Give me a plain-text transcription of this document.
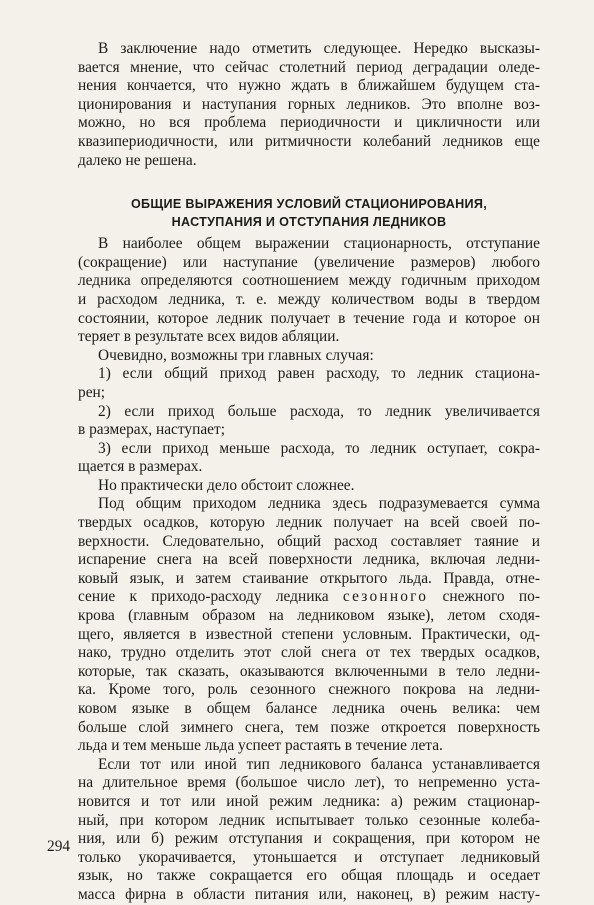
В заключение надо отметить следующее. Нередко высказы-
вается мнение, что сейчас столетний период деградации оледе-
нения кончается, что нужно ждать в ближайшем будущем ста-
ционирования и наступания горных ледников. Это вполне воз-
можно, но вся проблема периодичности и цикличности или
квазипериодичности, или ритмичности колебаний ледников еще
далеко не решена.

ОБЩИЕ ВЫРАЖЕНИЯ УСЛОВИЙ СТАЦИОНИРОВАНИЯ,
НАСТУПАНИЯ И ОТСТУПАНИЯ ЛЕДНИКОВ

В наиболее общем выражении стационарность, отступание
(сокращение) или наступание (увеличение размеров) любого
ледника определяются соотношением между годичным приходом
и расходом ледника, т. е. между количеством воды в твердом
состоянии, которое ледник получает в течение года и которое он
теряет в результате всех видов абляции.

Очевидно, возможны три главных случая:

1) если общий приход равен расходу, то ледник стационa-
рен;

2) если приход больше расхода, то ледник увеличивается
в размерах, наступает;

3) если приход меньше расхода, то ледник оступает, сокра-
щается в размерах.

Но практически дело обстоит сложнее.

Под общим приходом ледника здесь подразумевается сумма
твердых осадков, которую ледник получает на всей своей по-
верхности. Следовательно, общий расход составляет таяние и
испарение снега на всей поверхности ледника, включая ледни-
ковый язык, и затем стаивание открытого льда. Правда, отне-
сение к приходо-расходу ледника сезонного снежного по-
крова (главным образом на ледниковом языке), летом сходя-
щего, является в известной степени условным. Практически, од-
нако, трудно отделить этот слой снега от тех твердых осадков,
которые, так сказать, оказываются включенными в тело ледни-
ка. Кроме того, роль сезонного снежного покрова на ледни-
ковом языке в общем балансе ледника очень велика: чем
больше слой зимнего снега, тем позже откроется поверхность
льда и тем меньше льда успеет растаять в течение лета.

Если тот или иной тип ледникового баланса устанавливается
на длительное время (большое число лет), то непременно уста-
новится и тот или иной режим ледника: а) режим стационар-
ный, при котором ледник испытывает только сезонные колеба-
ния, или б) режим отступания и сокращения, при котором не
только укорачивается, утоньшается и отступает ледниковый
язык, но также сокращается его общая площадь и оседает
масса фирна в области питания или, наконец, в) режим насту-

294
